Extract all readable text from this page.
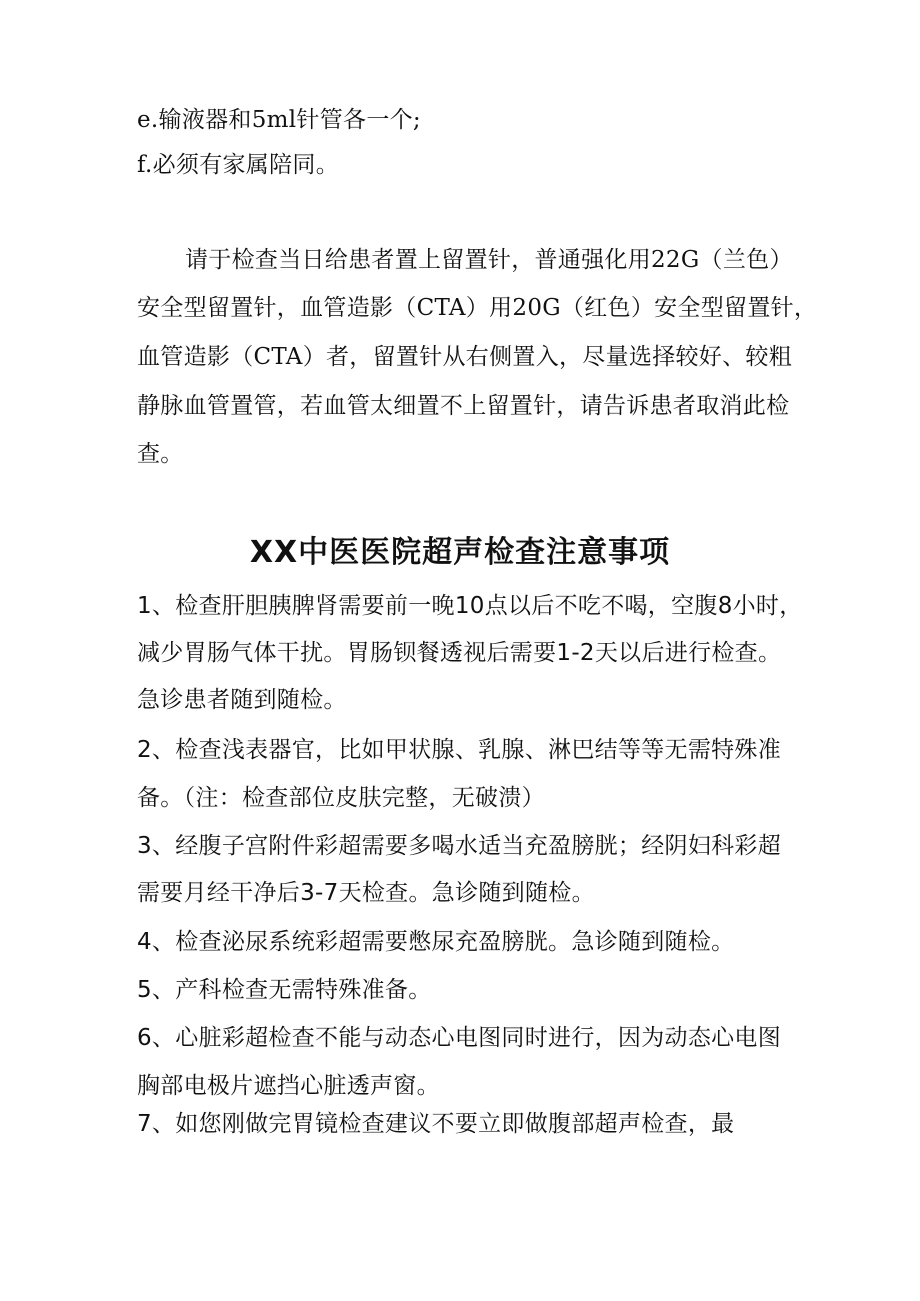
e.输液器和5ml针管各一个;
f.必须有家属陪同。
请于检查当日给患者置上留置针，普通强化用22G（兰色）
安全型留置针，血管造影（CTA）用20G（红色）安全型留置针，
血管造影（CTA）者，留置针从右侧置入，尽量选择较好、较粗
静脉血管置管，若血管太细置不上留置针，请告诉患者取消此检
查。
XX中医医院超声检查注意事项
1、检查肝胆胰脾肾需要前一晚10点以后不吃不喝，空腹8小时，
减少胃肠气体干扰。胃肠钡餐透视后需要1-2天以后进行检查。
急诊患者随到随检。
2、检查浅表器官，比如甲状腺、乳腺、淋巴结等等无需特殊准
备。（注：检查部位皮肤完整，无破溃）
3、经腹子宫附件彩超需要多喝水适当充盈膀胱；经阴妇科彩超
需要月经干净后3-7天检查。急诊随到随检。
4、检查泌尿系统彩超需要憋尿充盈膀胱。急诊随到随检。
5、产科检查无需特殊准备。
6、心脏彩超检查不能与动态心电图同时进行，因为动态心电图
胸部电极片遮挡心脏透声窗。
7、如您刚做完胃镜检查建议不要立即做腹部超声检查，最
